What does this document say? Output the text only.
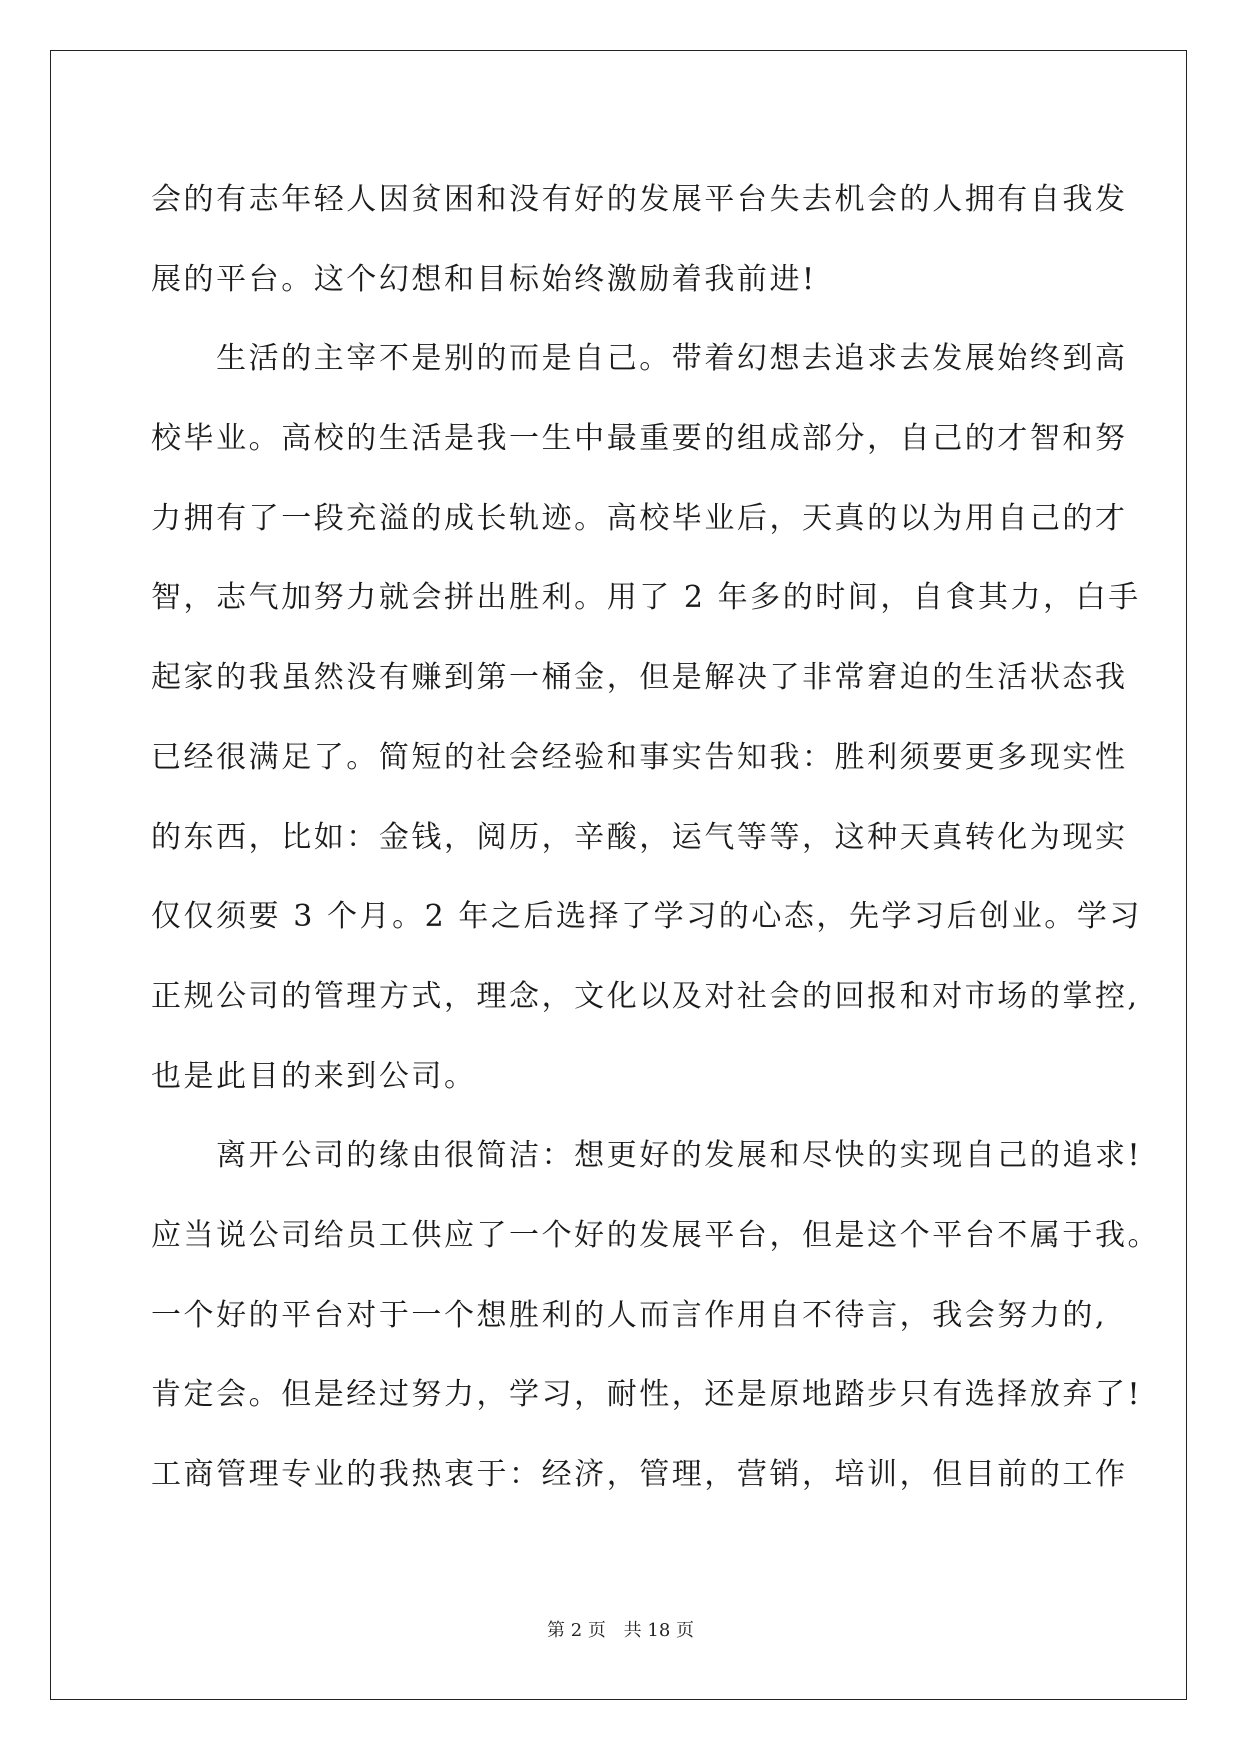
会的有志年轻人因贫困和没有好的发展平台失去机会的人拥有自我发
展的平台。这个幻想和目标始终激励着我前进!
　　生活的主宰不是别的而是自己。带着幻想去追求去发展始终到高
校毕业。高校的生活是我一生中最重要的组成部分，自己的才智和努
力拥有了一段充溢的成长轨迹。高校毕业后，天真的以为用自己的才
智，志气加努力就会拼出胜利。用了 2 年多的时间，自食其力，白手
起家的我虽然没有赚到第一桶金，但是解决了非常窘迫的生活状态我
已经很满足了。简短的社会经验和事实告知我：胜利须要更多现实性
的东西，比如：金钱，阅历，辛酸，运气等等，这种天真转化为现实
仅仅须要 3 个月。2 年之后选择了学习的心态，先学习后创业。学习
正规公司的管理方式，理念，文化以及对社会的回报和对市场的掌控,
也是此目的来到公司。
　　离开公司的缘由很简洁：想更好的发展和尽快的实现自己的追求!
应当说公司给员工供应了一个好的发展平台，但是这个平台不属于我。
一个好的平台对于一个想胜利的人而言作用自不待言，我会努力的,
肯定会。但是经过努力，学习，耐性，还是原地踏步只有选择放弃了!
工商管理专业的我热衷于：经济，管理，营销，培训，但目前的工作
第 2 页 共 18 页
